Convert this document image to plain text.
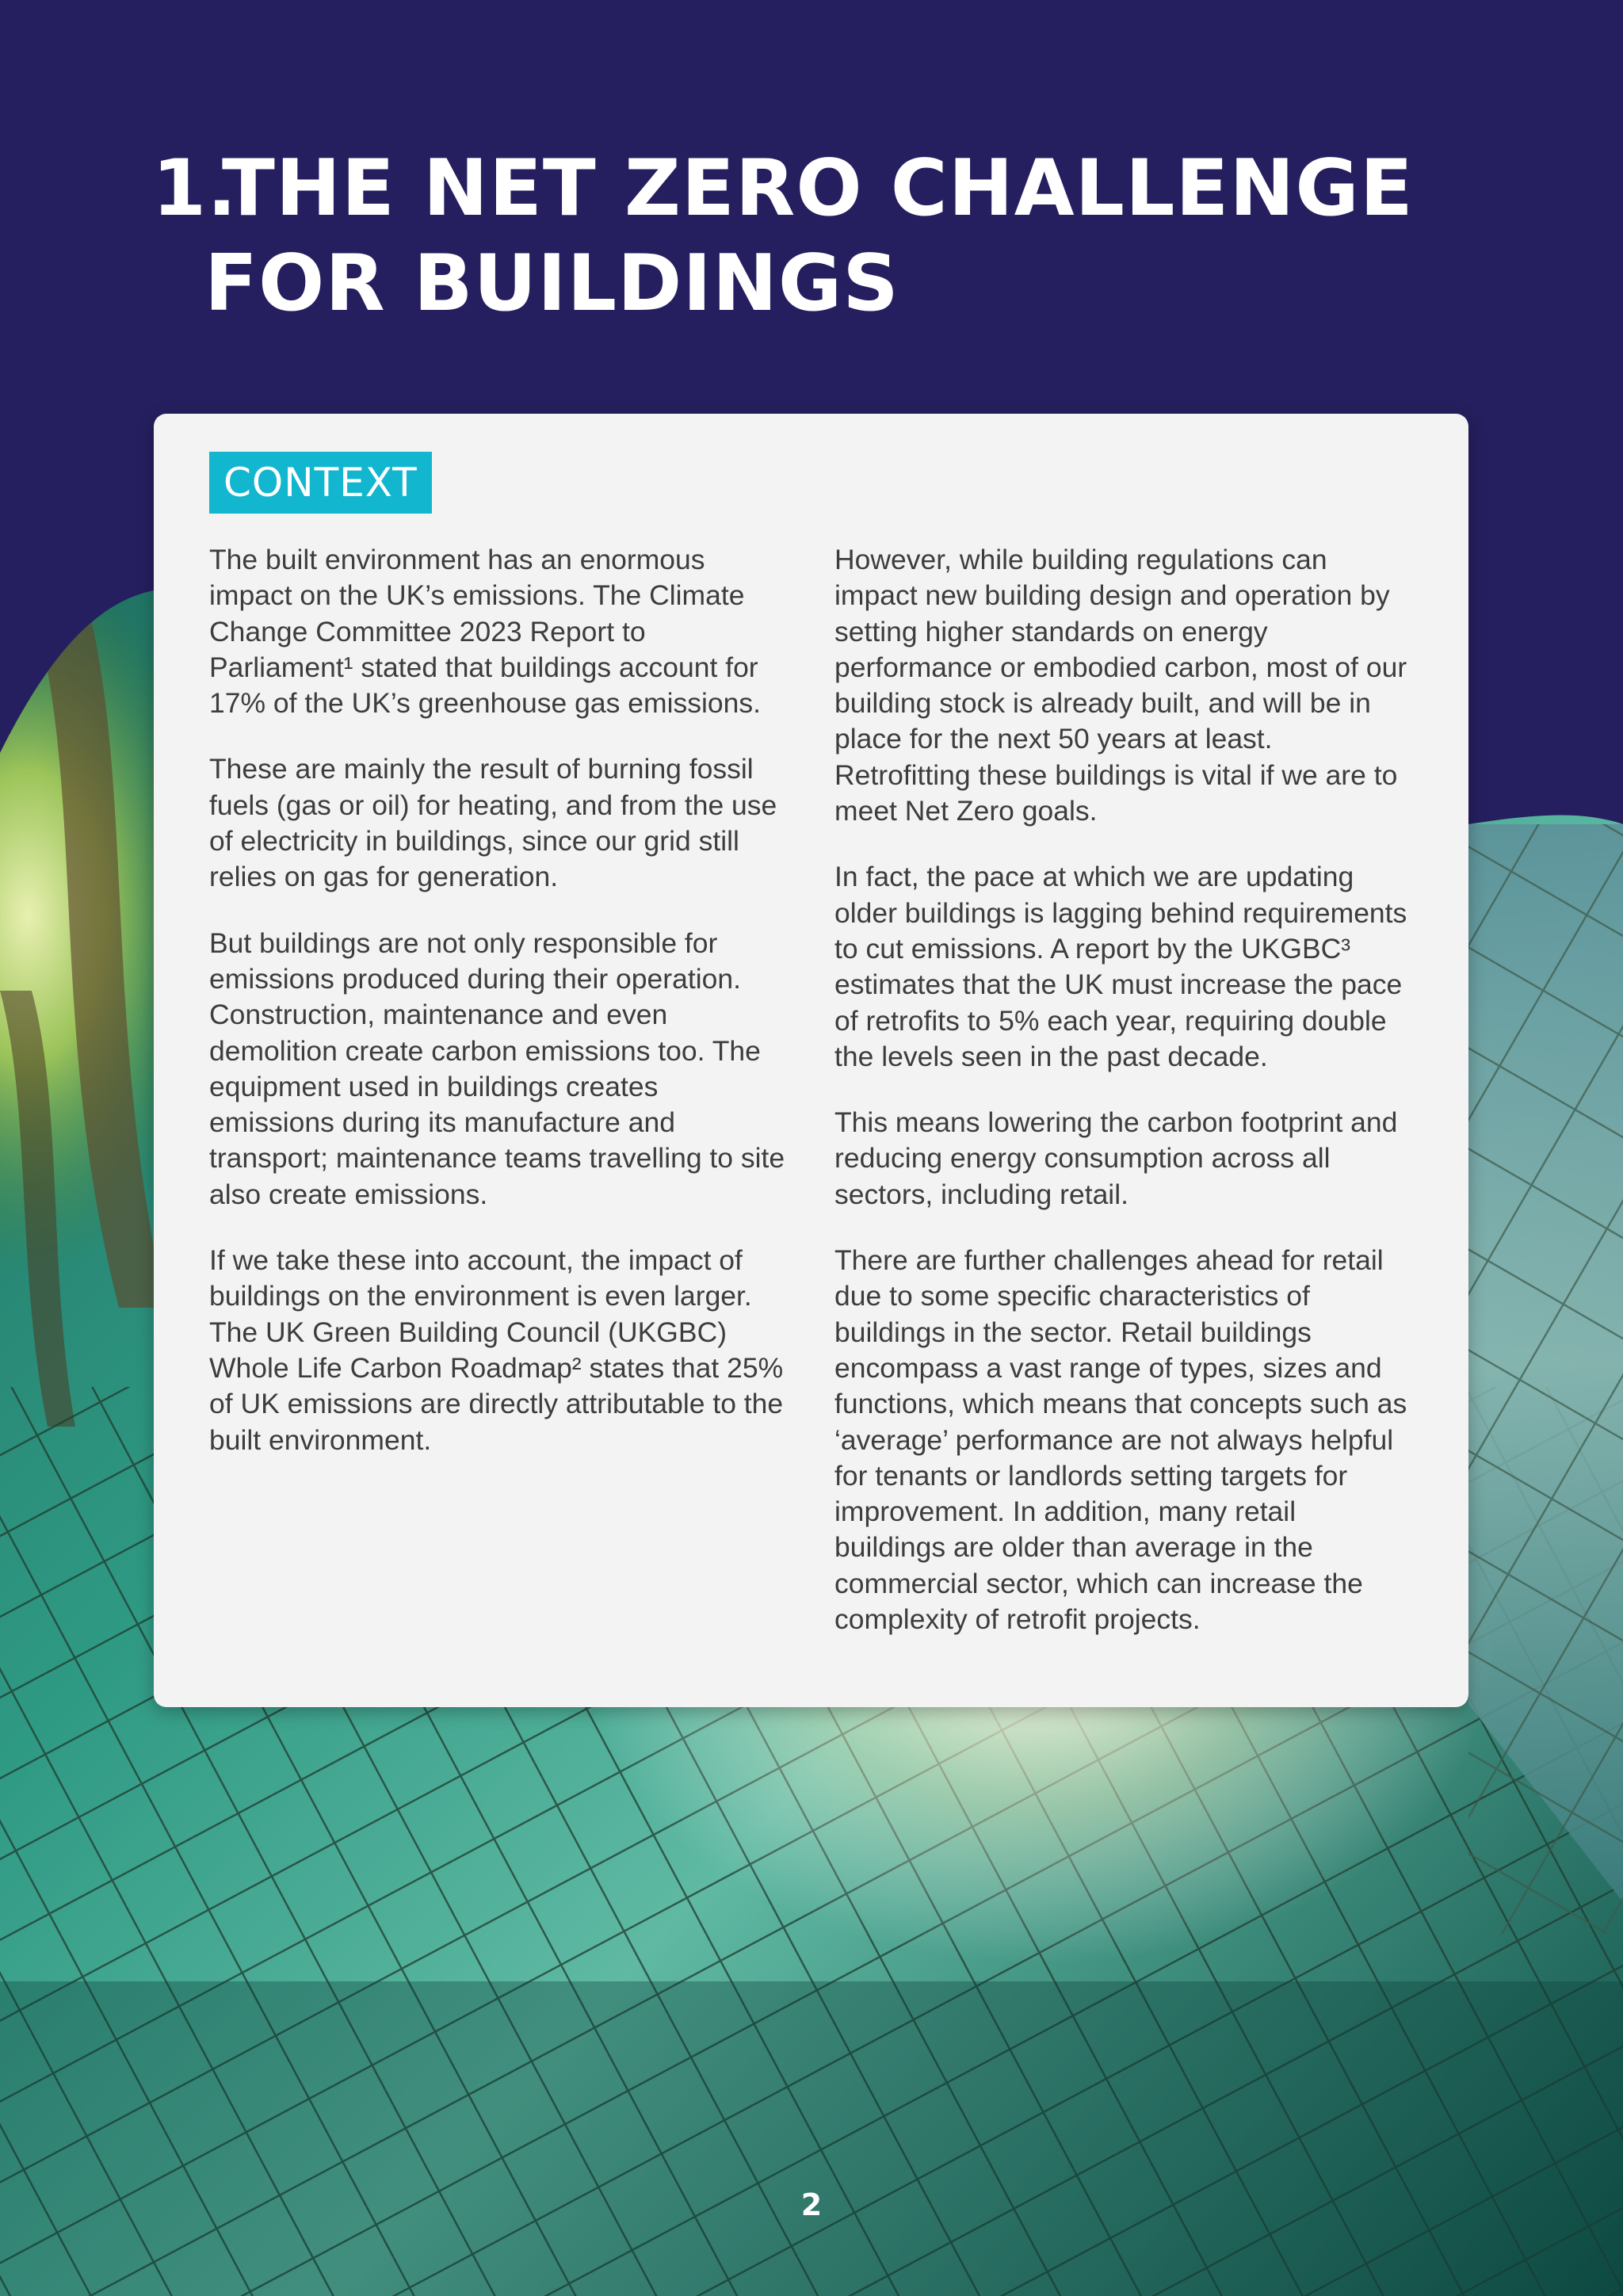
1.THE NET ZERO CHALLENGE
FOR BUILDINGS
CONTEXT

The built environment has an enormous impact on the UK’s emissions. The Climate Change Committee 2023 Report to Parliament¹ stated that buildings account for 17% of the UK’s greenhouse gas emissions.

These are mainly the result of burning fossil fuels (gas or oil) for heating, and from the use of electricity in buildings, since our grid still relies on gas for generation.

But buildings are not only responsible for emissions produced during their operation. Construction, maintenance and even demolition create carbon emissions too. The equipment used in buildings creates emissions during its manufacture and transport; maintenance teams travelling to site also create emissions.

If we take these into account, the impact of buildings on the environment is even larger. The UK Green Building Council (UKGBC) Whole Life Carbon Roadmap² states that 25% of UK emissions are directly attributable to the built environment.

However, while building regulations can impact new building design and operation by setting higher standards on energy performance or embodied carbon, most of our building stock is already built, and will be in place for the next 50 years at least. Retrofitting these buildings is vital if we are to meet Net Zero goals.

In fact, the pace at which we are updating older buildings is lagging behind requirements to cut emissions. A report by the UKGBC³ estimates that the UK must increase the pace of retrofits to 5% each year, requiring double the levels seen in the past decade.

This means lowering the carbon footprint and reducing energy consumption across all sectors, including retail.

There are further challenges ahead for retail due to some specific characteristics of buildings in the sector. Retail buildings encompass a vast range of types, sizes and functions, which means that concepts such as ‘average’ performance are not always helpful for tenants or landlords setting targets for improvement. In addition, many retail buildings are older than average in the commercial sector, which can increase the complexity of retrofit projects.

2
